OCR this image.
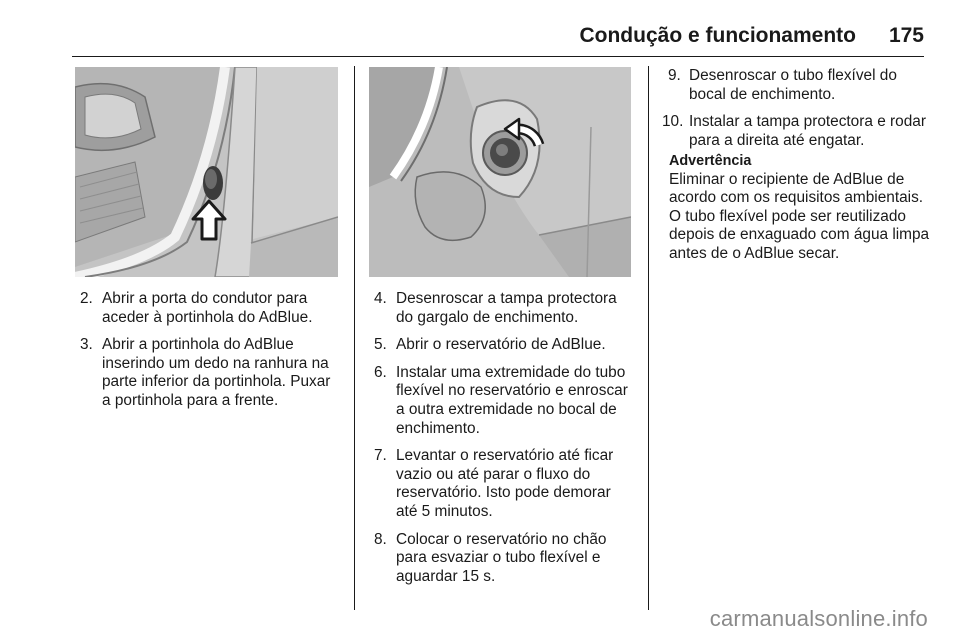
Condução e funcionamento 175
2. Abrir a porta do condutor para aceder à portinhola do AdBlue.
3. Abrir a portinhola do AdBlue inserindo um dedo na ranhura na parte inferior da portinhola. Puxar a portinhola para a frente.
4. Desenroscar a tampa protectora do gargalo de enchimento.
5. Abrir o reservatório de AdBlue.
6. Instalar uma extremidade do tubo flexível no reservatório e enroscar a outra extremidade no bocal de enchimento.
7. Levantar o reservatório até ficar vazio ou até parar o fluxo do reservatório. Isto pode demorar até 5 minutos.
8. Colocar o reservatório no chão para esvaziar o tubo flexível e aguardar 15 s.
9. Desenroscar o tubo flexível do bocal de enchimento.
10. Instalar a tampa protectora e rodar para a direita até engatar.
Advertência
Eliminar o recipiente de AdBlue de acordo com os requisitos ambientais. O tubo flexível pode ser reutilizado depois de enxaguado com água limpa antes de o AdBlue secar.
carmanualsonline.info
